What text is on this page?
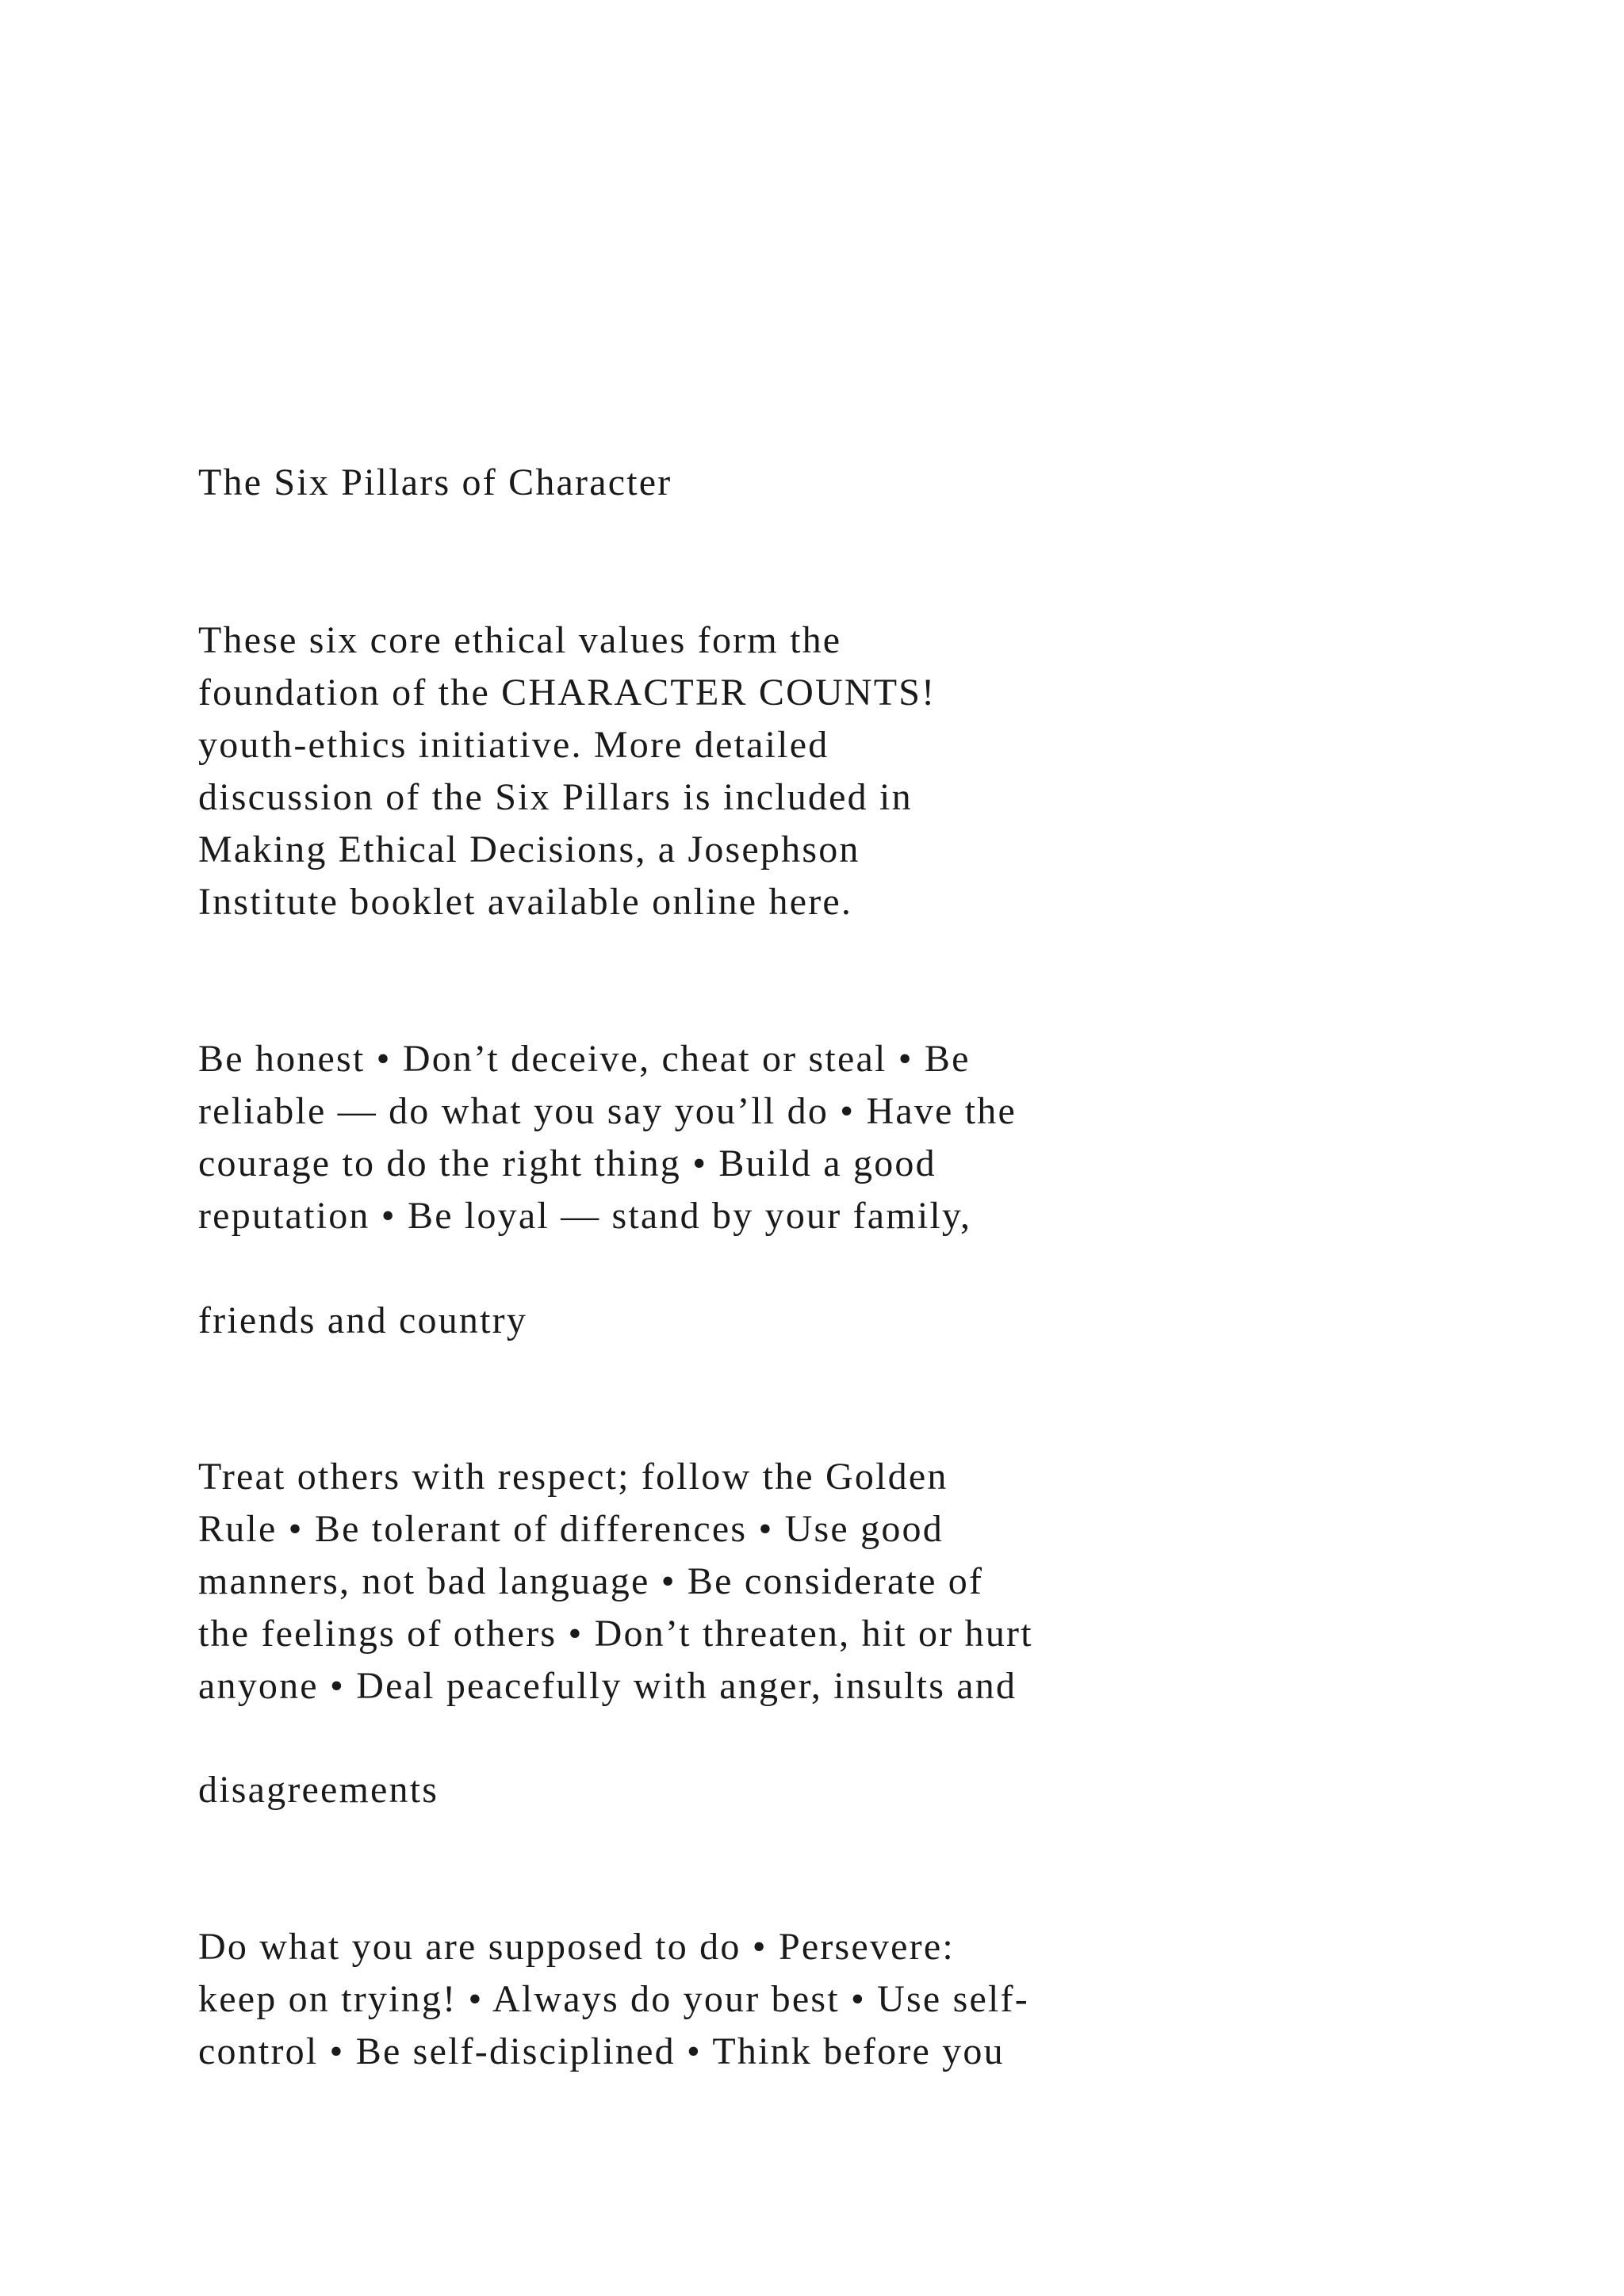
The Six Pillars of Character
These six core ethical values form the
foundation of the CHARACTER COUNTS!
youth-ethics initiative. More detailed
discussion of the Six Pillars is included in
Making Ethical Decisions, a Josephson
Institute booklet available online here.
Be honest • Don’t deceive, cheat or steal • Be
reliable — do what you say you’ll do • Have the
courage to do the right thing • Build a good
reputation • Be loyal — stand by your family,
friends and country
Treat others with respect; follow the Golden
Rule • Be tolerant of differences • Use good
manners, not bad language • Be considerate of
the feelings of others • Don’t threaten, hit or hurt
anyone • Deal peacefully with anger, insults and
disagreements
Do what you are supposed to do • Persevere:
keep on trying! • Always do your best • Use self-
control • Be self-disciplined • Think before you
